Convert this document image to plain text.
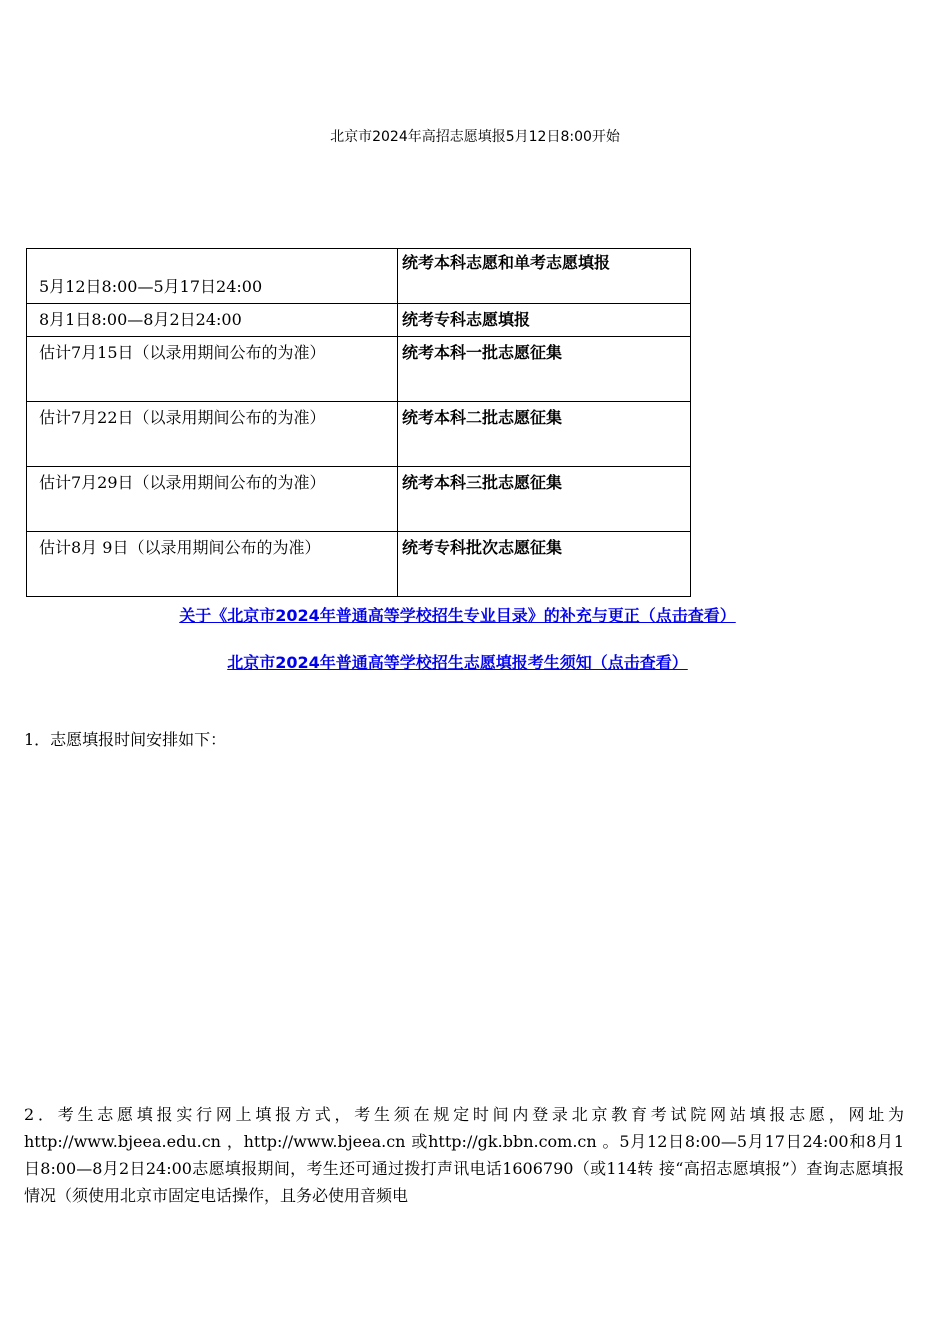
北京市2024年高招志愿填报5月12日8:00开始
5月12日8:00—5月17日24:00	统考本科志愿和单考志愿填报
8月1日8:00—8月2日24:00	统考专科志愿填报
估计7月15日（以录用期间公布的为准）	统考本科一批志愿征集
估计7月22日（以录用期间公布的为准）	统考本科二批志愿征集
估计7月29日（以录用期间公布的为准）	统考本科三批志愿征集
估计8月 9日（以录用期间公布的为准）	统考专科批次志愿征集
关于《北京市2024年普通高等学校招生专业目录》的补充与更正（点击查看）
北京市2024年普通高等学校招生志愿填报考生须知（点击查看）
1．志愿填报时间安排如下：
2．考生志愿填报实行网上填报方式，考生须在规定时间内登录北京教育考试院网站填报志愿，网址为http://www.bjeea.edu.cn ，http://www.bjeea.cn 或http://gk.bbn.com.cn 。5月12日8:00—5月17日24:00和8月1日8:00—8月2日24:00志愿填报期间，考生还可通过拨打声讯电话1606790（或114转 接“高招志愿填报”）查询志愿填报情况（须使用北京市固定电话操作，且务必使用音频电
